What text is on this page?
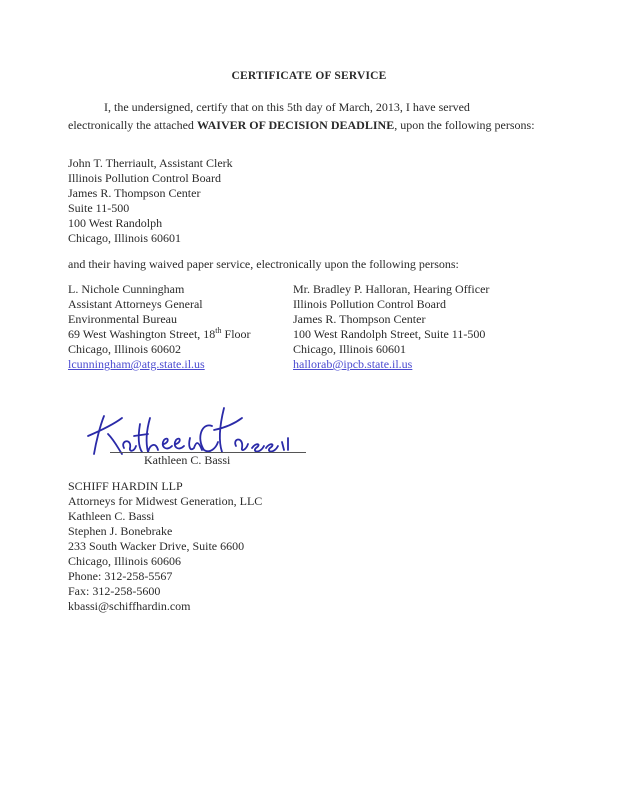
CERTIFICATE OF SERVICE
I, the undersigned, certify that on this 5th day of March, 2013, I have served electronically the attached WAIVER OF DECISION DEADLINE, upon the following persons:
John T. Therriault, Assistant Clerk
Illinois Pollution Control Board
James R. Thompson Center
Suite 11-500
100 West Randolph
Chicago, Illinois 60601
and their having waived paper service, electronically upon the following persons:
L. Nichole Cunningham
Assistant Attorneys General
Environmental Bureau
69 West Washington Street, 18th Floor
Chicago, Illinois 60602
lcunningham@atg.state.il.us
Mr. Bradley P. Halloran, Hearing Officer
Illinois Pollution Control Board
James R. Thompson Center
100 West Randolph Street, Suite 11-500
Chicago, Illinois 60601
hallorab@ipcb.state.il.us
Kathleen C. Bassi
SCHIFF HARDIN LLP
Attorneys for Midwest Generation, LLC
Kathleen C. Bassi
Stephen J. Bonebrake
233 South Wacker Drive, Suite 6600
Chicago, Illinois 60606
Phone: 312-258-5567
Fax: 312-258-5600
kbassi@schiffhardin.com
